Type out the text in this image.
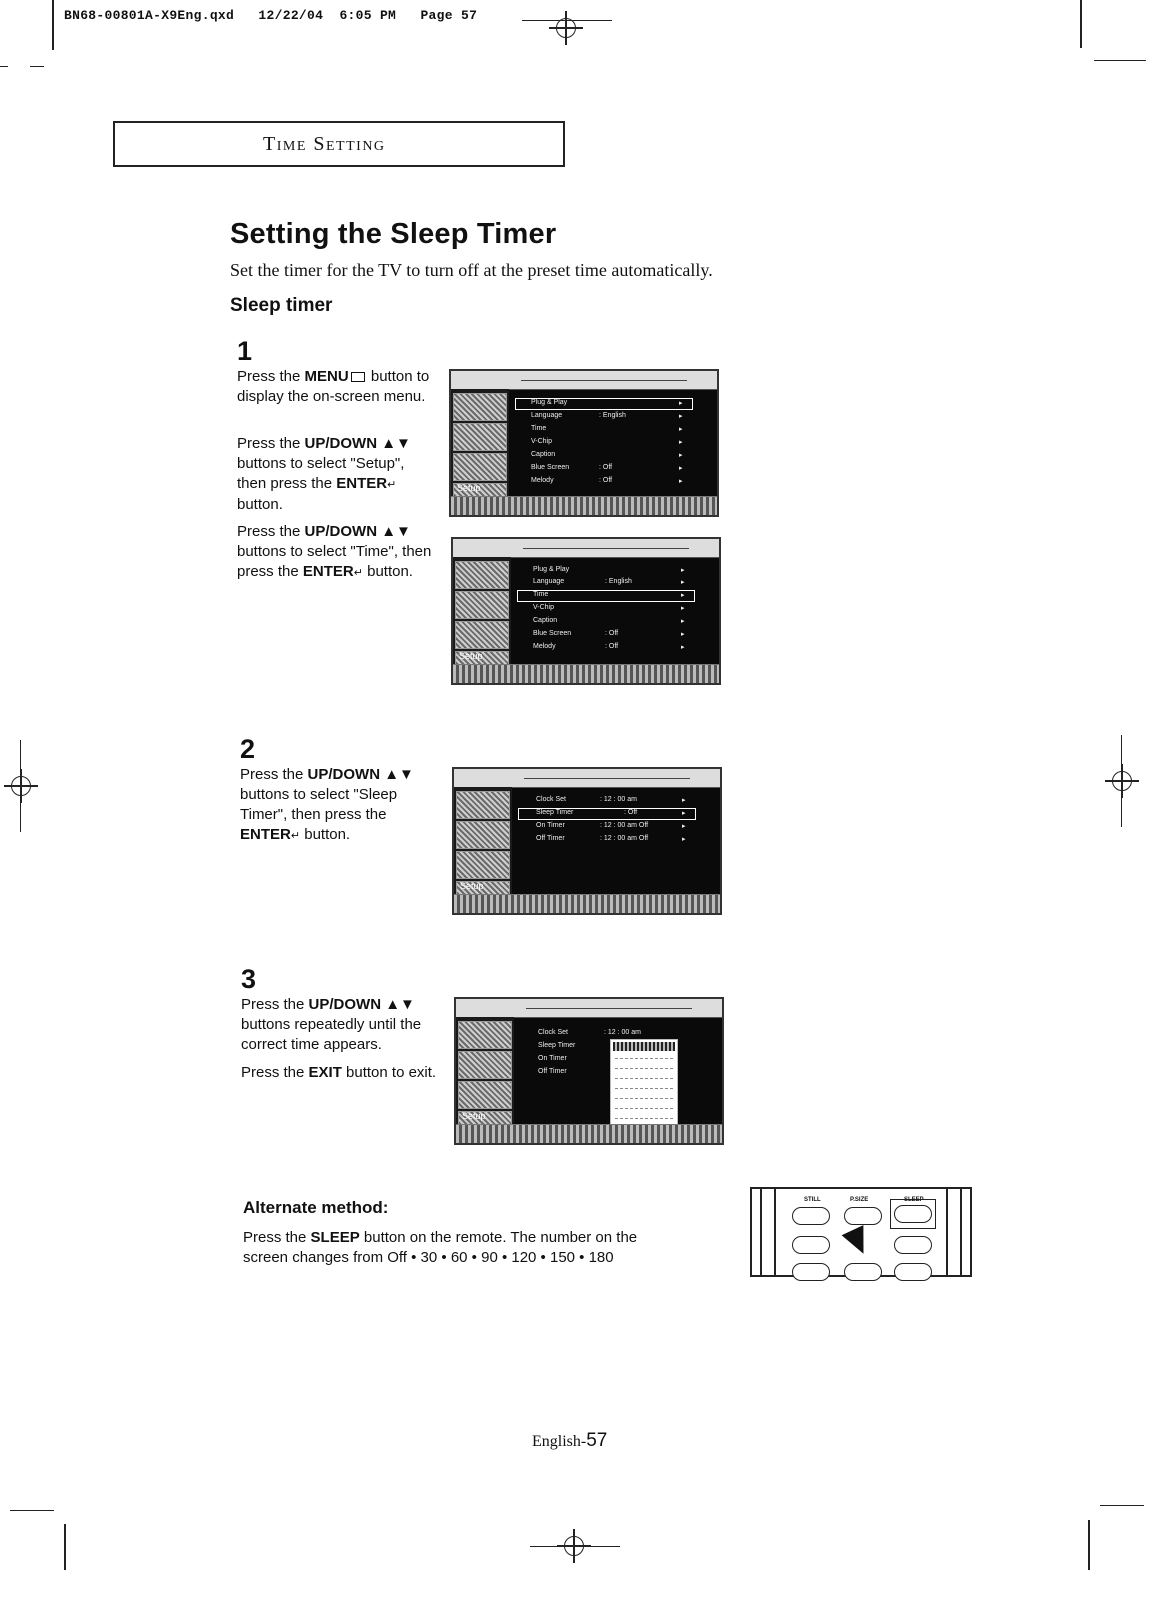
BN68-00801A-X9Eng.qxd   12/22/04  6:05 PM   Page 57
Time Setting
Setting the Sleep Timer
Set the timer for the TV to turn off at the preset time automatically.
Sleep timer
1
Press the MENU button to display the on-screen menu.
Press the UP/DOWN ▲▼ buttons to select "Setup", then press the ENTER↵ button.
Press the UP/DOWN ▲▼ buttons to select "Time", then press the ENTER↵ button.
Setup
Plug & Play
Language	: English
Time
V-Chip
Caption
Blue Screen	: Off
Melody	: Off
▸
▸
▸
▸
▸
▸
▸
Setup
Plug & Play
Language	: English
Time
V-Chip
Caption
Blue Screen	: Off
Melody	: Off
▸
▸
▸
▸
▸
▸
▸
2
Press the UP/DOWN ▲▼ buttons to select "Sleep Timer", then press the ENTER↵ button.
Setup
Clock Set	: 12 : 00 am
Sleep Timer	: Off
On Timer	: 12 : 00 am Off
Off Timer	: 12 : 00 am Off
▸
▸
▸
▸
3
Press the UP/DOWN ▲▼ buttons repeatedly until the correct time appears.
Press the EXIT button to exit.
Setup
Clock Set	: 12 : 00 am
Sleep Timer
On Timer
Off Timer
Alternate method:
Press the SLEEP button on the remote. The number on the screen changes from Off • 30 • 60 • 90 • 120 • 150 • 180
STILL	P.SIZE	SLEEP
English-57
